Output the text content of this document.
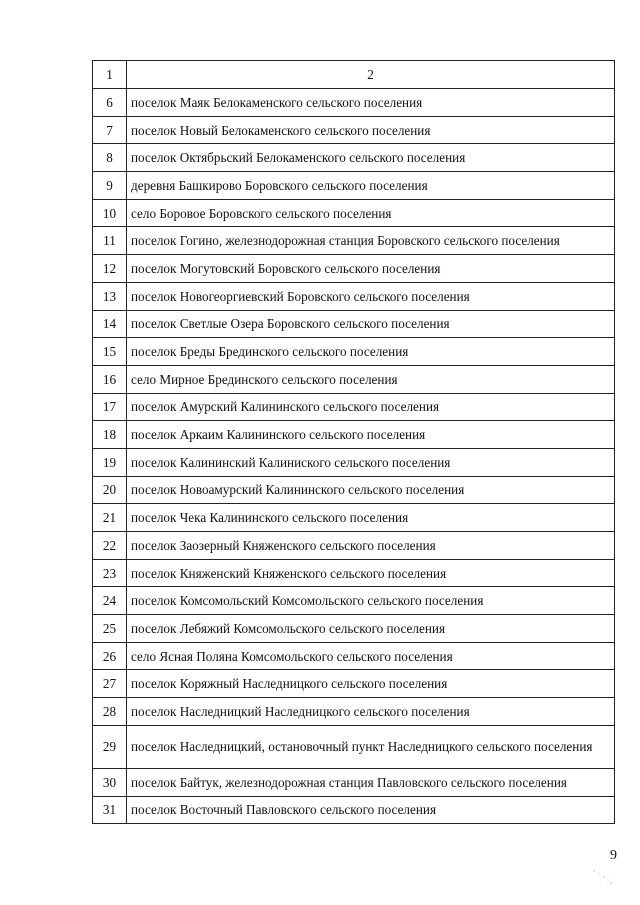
1	2
6	поселок Маяк Белокаменского сельского поселения
7	поселок Новый Белокаменского сельского поселения
8	поселок Октябрьский Белокаменского сельского поселения
9	деревня Башкирово Боровского сельского поселения
10	село Боровое Боровского сельского поселения
11	поселок Гогино, железнодорожная станция Боровского сельского поселения
12	поселок Могутовский Боровского сельского поселения
13	поселок Новогеоргиевский Боровского сельского поселения
14	поселок Светлые Озера Боровского сельского поселения
15	поселок Бреды Брединского сельского поселения
16	село Мирное Брединского сельского поселения
17	поселок Амурский Калининского сельского поселения
18	поселок Аркаим Калининского сельского поселения
19	поселок Калининский Калиниского сельского поселения
20	поселок Новоамурский Калининского сельского поселения
21	поселок Чека Калининского сельского поселения
22	поселок Заозерный Княженского сельского поселения
23	поселок Княженский Княженского сельского поселения
24	поселок Комсомольский Комсомольского сельского поселения
25	поселок Лебяжий Комсомольского сельского поселения
26	село Ясная Поляна Комсомольского сельского поселения
27	поселок Коряжный Наследницкого сельского поселения
28	поселок Наследницкий Наследницкого сельского поселения
29	поселок Наследницкий, остановочный пункт Наследницкого сельского поселения
30	поселок Байтук, железнодорожная станция Павловского сельского поселения
31	поселок Восточный Павловского сельского поселения
9
